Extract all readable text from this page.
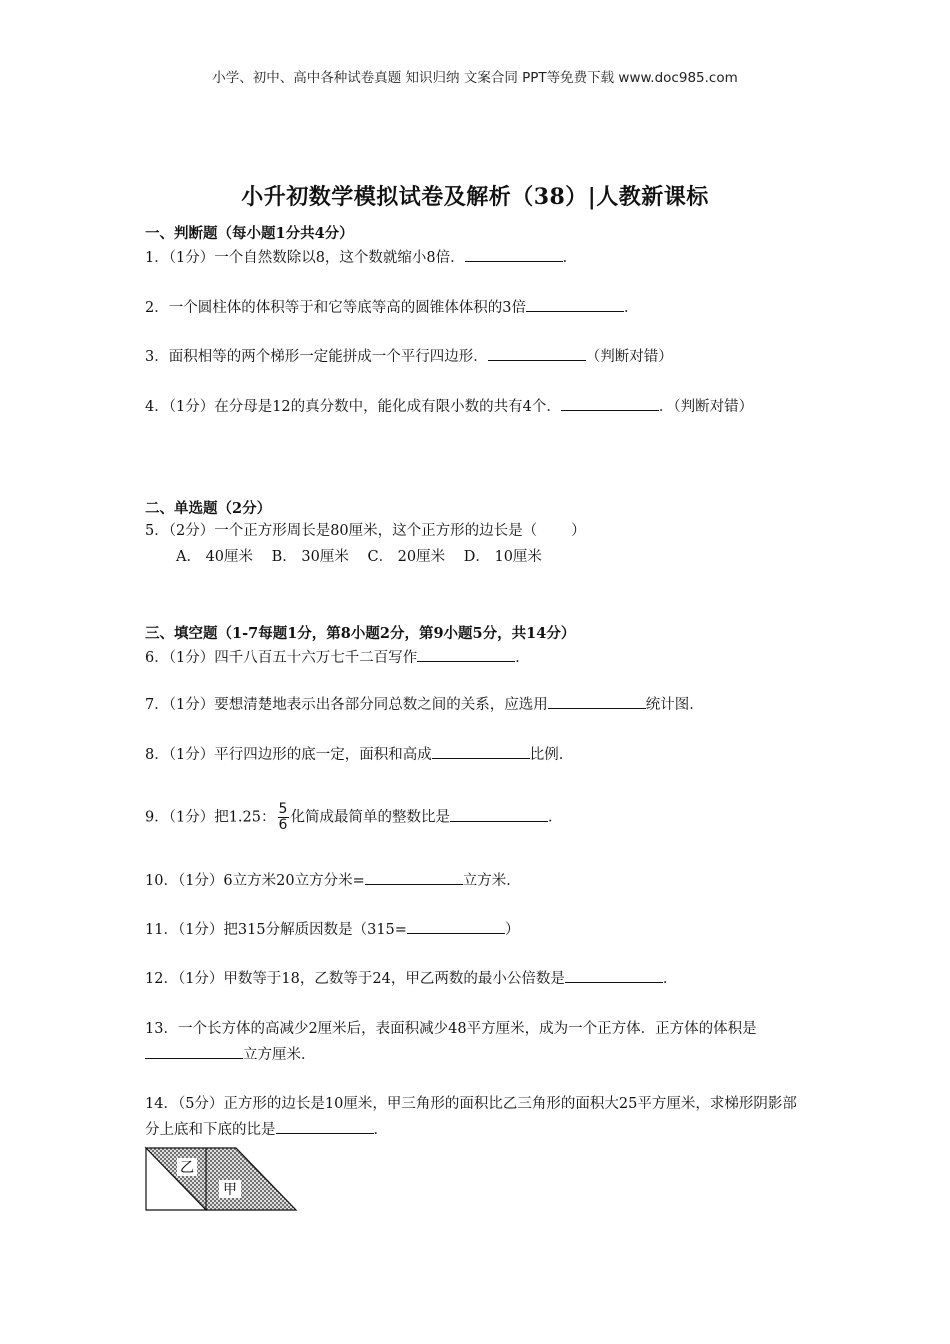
小学、初中、高中各种试卷真题 知识归纳 文案合同 PPT等免费下载 www.doc985.com
小升初数学模拟试卷及解析（38）|人教新课标
一、判断题（每小题1分共4分）
1．（1分）一个自然数除以8，这个数就缩小8倍．	．
2．一个圆柱体的体积等于和它等底等高的圆锥体体积的3倍	．
3．面积相等的两个梯形一定能拼成一个平行四边形．	（判断对错）
4．（1分）在分母是12的真分数中，能化成有限小数的共有4个．	．（判断对错）
二、单选题（2分）
5．（2分）一个正方形周长是80厘米，这个正方形的边长是（ ）
A． 40厘米 B． 30厘米 C． 20厘米 D． 10厘米
三、填空题（1-7每题1分，第8小题2分，第9小题5分，共14分）
6．（1分）四千八百五十六万七千二百写作	．
7．（1分）要想清楚地表示出各部分同总数之间的关系，应选用	统计图．
8．（1分）平行四边形的底一定，面积和高成	比例．
9．（1分）把1.25： $\frac{5}{6}$ 化简成最简单的整数比是	．
10．（1分）6立方米20立方分米=	立方米．
11．（1分）把315分解质因数是（315=	）
12．（1分）甲数等于18，乙数等于24，甲乙两数的最小公倍数是	．
13．一个长方体的高减少2厘米后，表面积减少48平方厘米，成为一个正方体．正方体的体积是立方厘米．
14．（5分）正方形的边长是10厘米，甲三角形的面积比乙三角形的面积大25平方厘米，求梯形阴影部分上底和下底的比是	．
乙
甲
